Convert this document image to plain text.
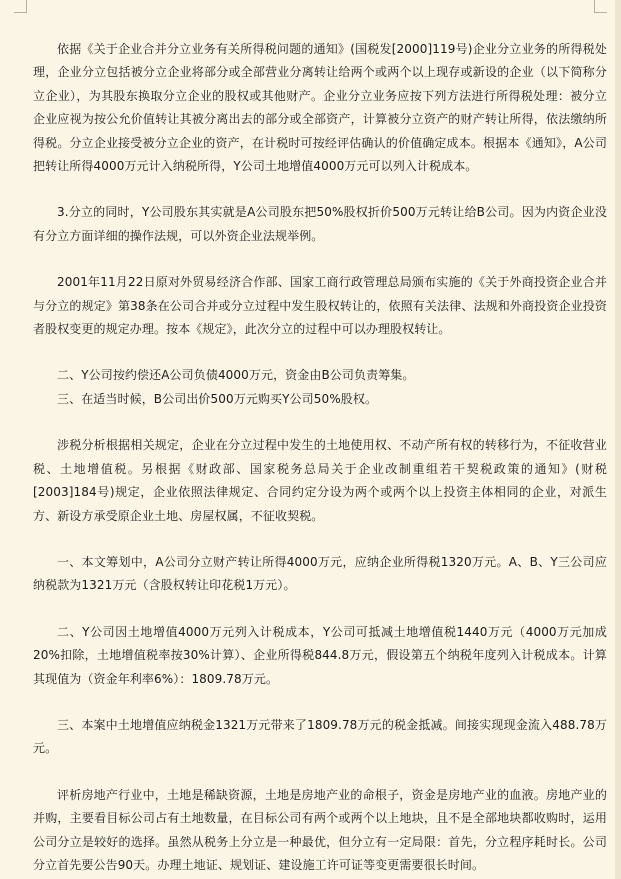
依据《关于企业合并分立业务有关所得税问题的通知》(国税发[2000]119号)企业分立业务的所得税处理，企业分立包括被分立企业将部分或全部营业分离转让给两个或两个以上现存或新设的企业（以下简称分立企业），为其股东换取分立企业的股权或其他财产。企业分立业务应按下列方法进行所得税处理：被分立企业应视为按公允价值转让其被分离出去的部分或全部资产，计算被分立资产的财产转让所得，依法缴纳所得税。分立企业接受被分立企业的资产，在计税时可按经评估确认的价值确定成本。根据本《通知》，A公司把转让所得4000万元计入纳税所得，Y公司土地增值4000万元可以列入计税成本。

3.分立的同时，Y公司股东其实就是A公司股东把50%股权折价500万元转让给B公司。因为内资企业没有分立方面详细的操作法规，可以外资企业法规举例。

2001年11月22日原对外贸易经济合作部、国家工商行政管理总局颁布实施的《关于外商投资企业合并与分立的规定》第38条在公司合并或分立过程中发生股权转让的，依照有关法律、法规和外商投资企业投资者股权变更的规定办理。按本《规定》，此次分立的过程中可以办理股权转让。

二、Y公司按约偿还A公司负债4000万元，资金由B公司负责筹集。

三、在适当时候，B公司出价500万元购买Y公司50%股权。

涉税分析根据相关规定，企业在分立过程中发生的土地使用权、不动产所有权的转移行为，不征收营业税、土地增值税。另根据《财政部、国家税务总局关于企业改制重组若干契税政策的通知》(财税[2003]184号)规定，企业依照法律规定、合同约定分设为两个或两个以上投资主体相同的企业，对派生方、新设方承受原企业土地、房屋权属，不征收契税。

一、本文筹划中，A公司分立财产转让所得4000万元，应纳企业所得税1320万元。A、B、Y三公司应纳税款为1321万元（含股权转让印花税1万元）。

二、Y公司因土地增值4000万元列入计税成本，Y公司可抵减土地增值税1440万元（4000万元加成20%扣除，土地增值税率按30%计算）、企业所得税844.8万元，假设第五个纳税年度列入计税成本。计算其现值为（资金年利率6%）：1809.78万元。

三、本案中土地增值应纳税金1321万元带来了1809.78万元的税金抵减。间接实现现金流入488.78万元。

评析房地产行业中，土地是稀缺资源，土地是房地产业的命根子，资金是房地产业的血液。房地产业的并购，主要看目标公司占有土地数量，在目标公司有两个或两个以上地块，且不是全部地块都收购时，运用公司分立是较好的选择。虽然从税务上分立是一种最优，但分立有一定局限：首先，分立程序耗时长。公司分立首先要公告90天。办理土地证、规划证、建设施工许可证等变更需要很长时间。
